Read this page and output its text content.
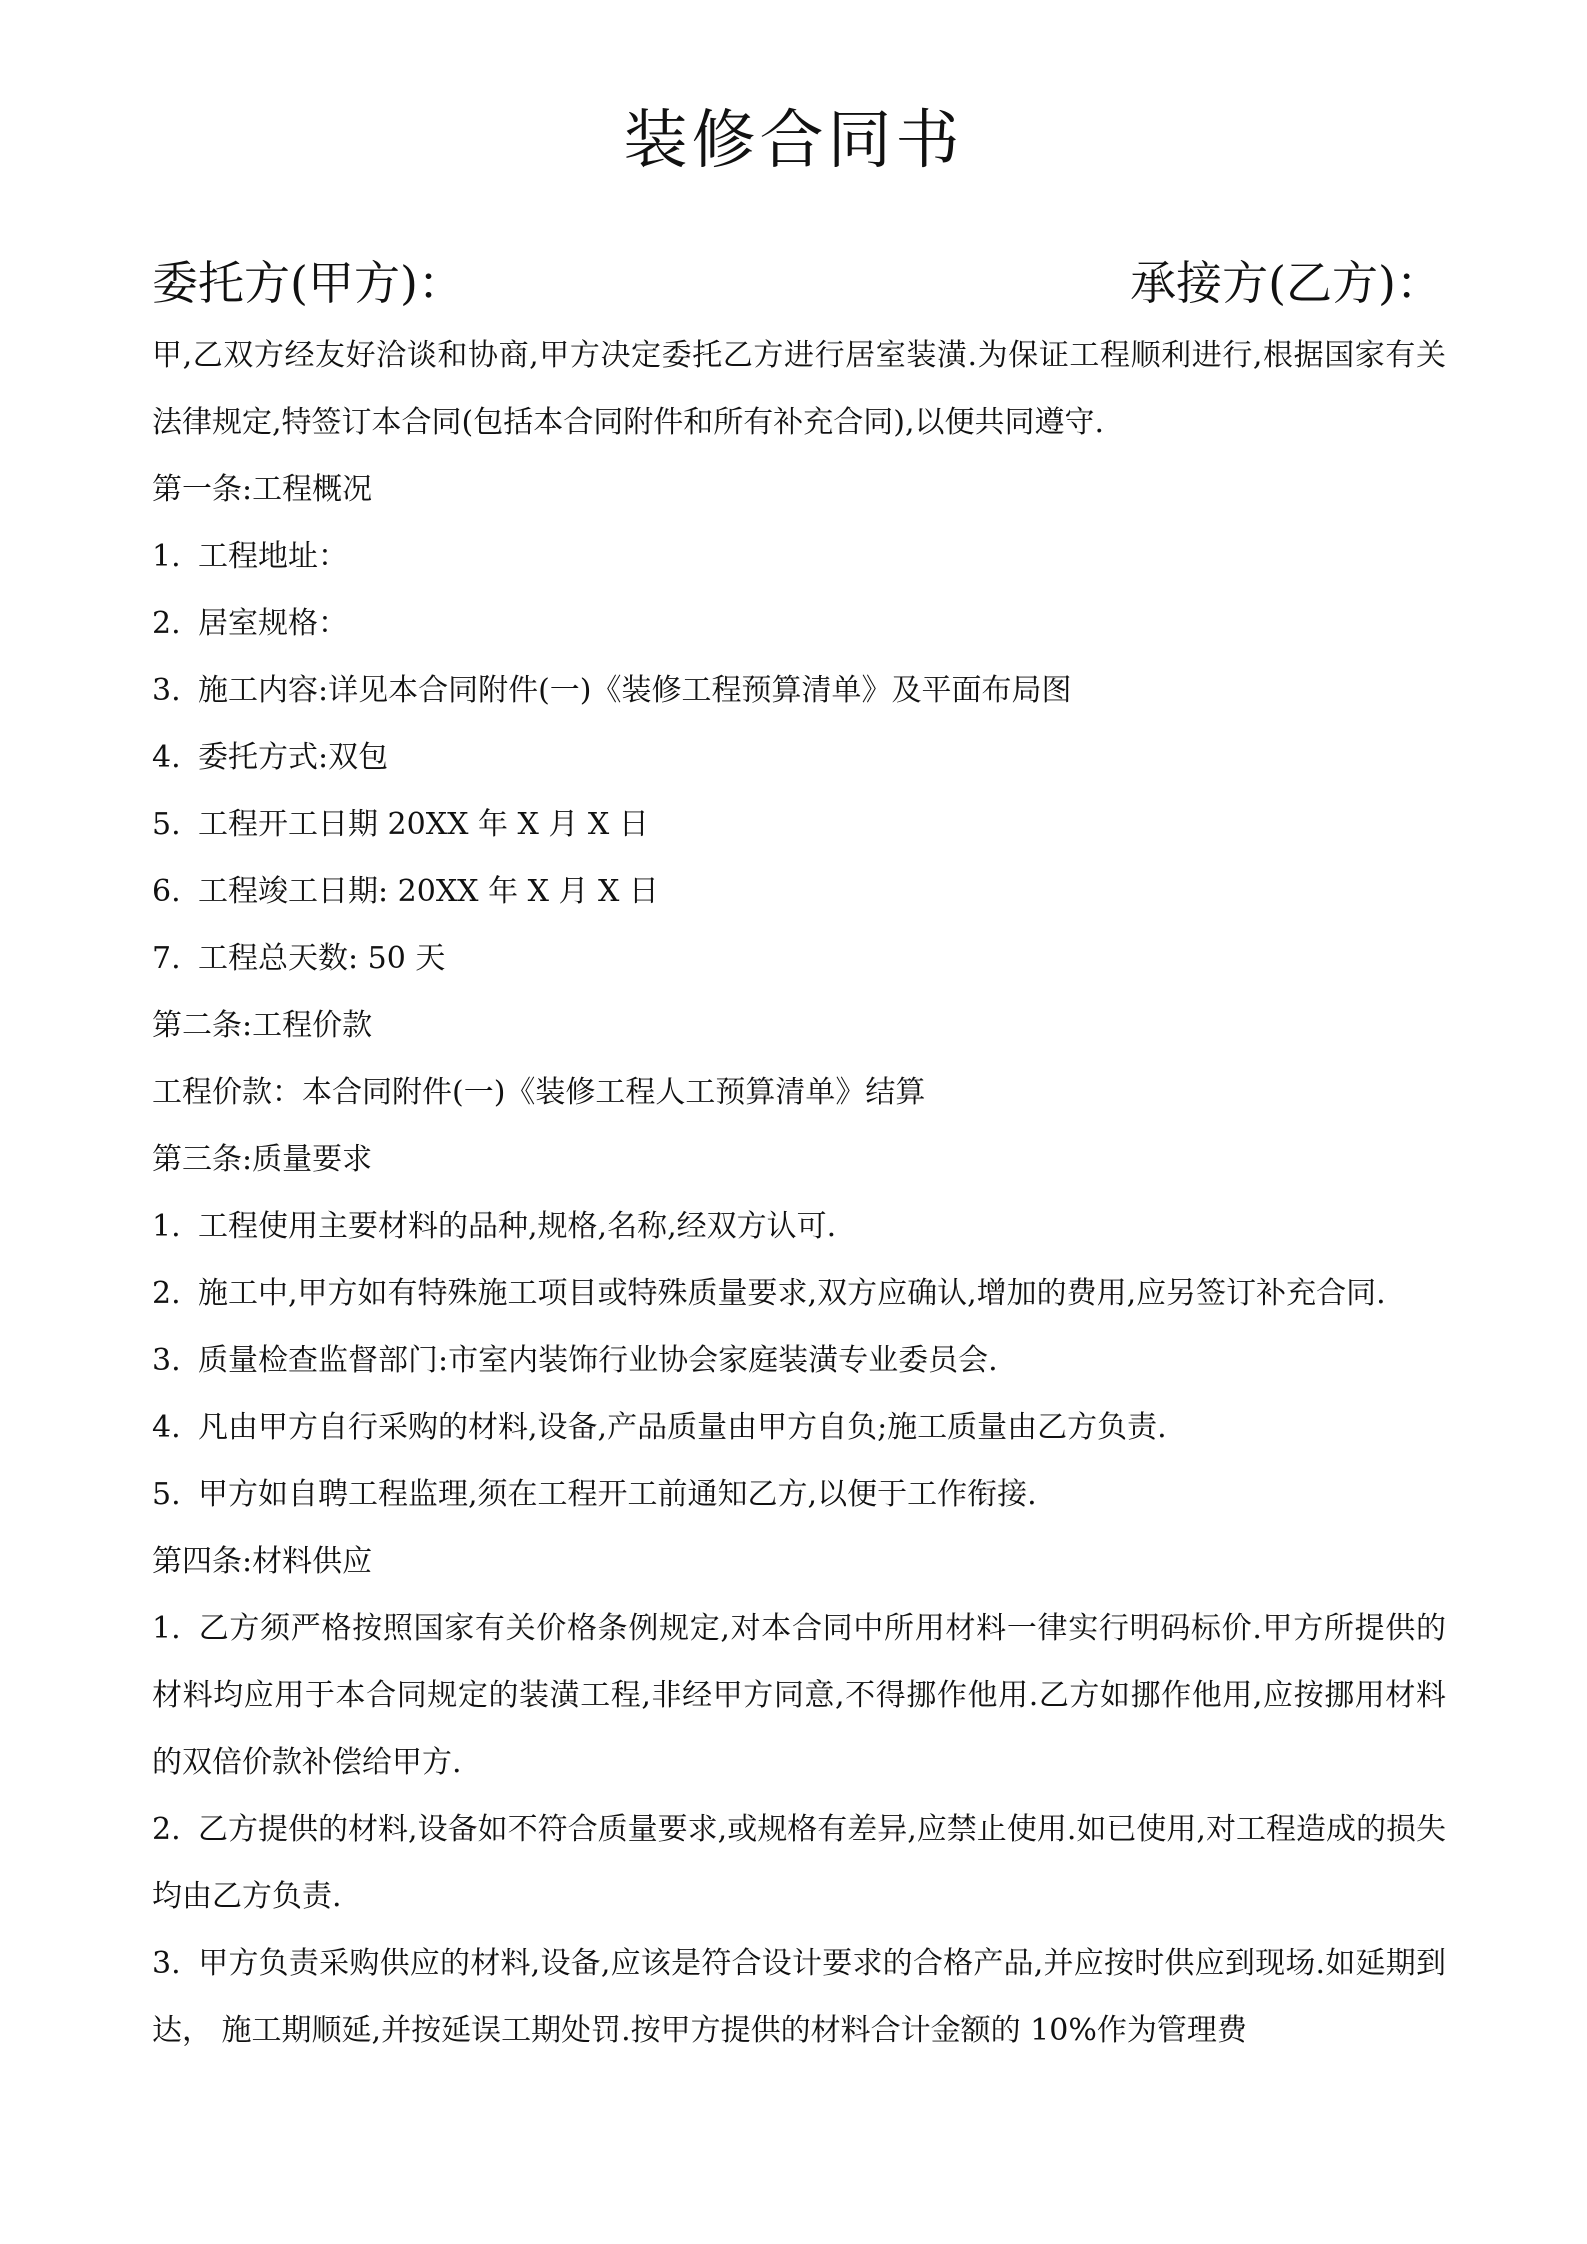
装修合同书
委托方(甲方)：	承接方(乙方)：

甲,乙双方经友好洽谈和协商,甲方决定委托乙方进行居室装潢.为保证工程顺利进行,根据国家有关法律规定,特签订本合同(包括本合同附件和所有补充合同),以便共同遵守.

第一条:工程概况

1. 工程地址：

2. 居室规格：

3. 施工内容:详见本合同附件(一)《装修工程预算清单》及平面布局图

4. 委托方式:双包

5. 工程开工日期 20XX 年 X 月 X 日

6. 工程竣工日期: 20XX 年 X 月 X 日

7. 工程总天数: 50 天

第二条:工程价款

工程价款：本合同附件(一)《装修工程人工预算清单》结算

第三条:质量要求

1. 工程使用主要材料的品种,规格,名称,经双方认可.

2. 施工中,甲方如有特殊施工项目或特殊质量要求,双方应确认,增加的费用,应另签订补充合同.

3. 质量检查监督部门:市室内装饰行业协会家庭装潢专业委员会.

4. 凡由甲方自行采购的材料,设备,产品质量由甲方自负;施工质量由乙方负责.

5. 甲方如自聘工程监理,须在工程开工前通知乙方,以便于工作衔接.

第四条:材料供应

1. 乙方须严格按照国家有关价格条例规定,对本合同中所用材料一律实行明码标价.甲方所提供的材料均应用于本合同规定的装潢工程,非经甲方同意,不得挪作他用.乙方如挪作他用,应按挪用材料的双倍价款补偿给甲方.

2. 乙方提供的材料,设备如不符合质量要求,或规格有差异,应禁止使用.如已使用,对工程造成的损失均由乙方负责.

3. 甲方负责采购供应的材料,设备,应该是符合设计要求的合格产品,并应按时供应到现场.如延期到达， 施工期顺延,并按延误工期处罚.按甲方提供的材料合计金额的 10%作为管理费
